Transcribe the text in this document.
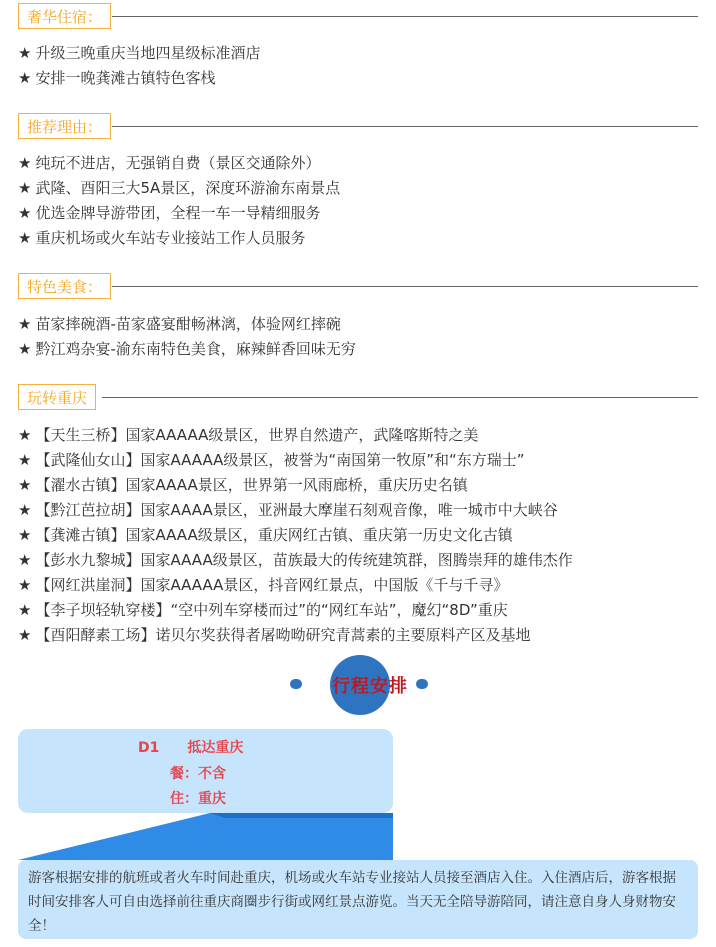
奢华住宿：
★ 升级三晚重庆当地四星级标准酒店
★ 安排一晚龚滩古镇特色客栈
推荐理由：
★ 纯玩不进店，无强销自费（景区交通除外）
★ 武隆、酉阳三大5A景区，深度环游渝东南景点
★ 优选金牌导游带团，全程一车一导精细服务
★ 重庆机场或火车站专业接站工作人员服务
特色美食：
★ 苗家摔碗酒-苗家盛宴酣畅淋漓，体验网红摔碗
★ 黔江鸡杂宴-渝东南特色美食，麻辣鲜香回味无穷
玩转重庆
★ 【天生三桥】国家AAAAA级景区，世界自然遗产，武隆喀斯特之美
★ 【武隆仙女山】国家AAAAA级景区，被誉为“南国第一牧原”和“东方瑞士”
★ 【濯水古镇】国家AAAA景区，世界第一风雨廊桥，重庆历史名镇
★ 【黔江芭拉胡】国家AAAA景区，亚洲最大摩崖石刻观音像，唯一城市中大峡谷
★ 【龚滩古镇】国家AAAA级景区，重庆网红古镇、重庆第一历史文化古镇
★ 【彭水九黎城】国家AAAA级景区，苗族最大的传统建筑群，图腾崇拜的雄伟杰作
★ 【网红洪崖洞】国家AAAAA景区，抖音网红景点，中国版《千与千寻》
★ 【李子坝轻轨穿楼】“空中列车穿楼而过”的“网红车站”，魔幻“8D”重庆
★ 【酉阳酵素工场】诺贝尔奖获得者屠呦呦研究青蒿素的主要原料产区及基地
行程安排
D1 抵达重庆
餐：不含
住：重庆
游客根据安排的航班或者火车时间赴重庆，机场或火车站专业接站人员接至酒店入住。入住酒店后，游客根据时间安排客人可自由选择前往重庆商圈步行街或网红景点游览。当天无全陪导游陪同，请注意自身人身财物安全！
